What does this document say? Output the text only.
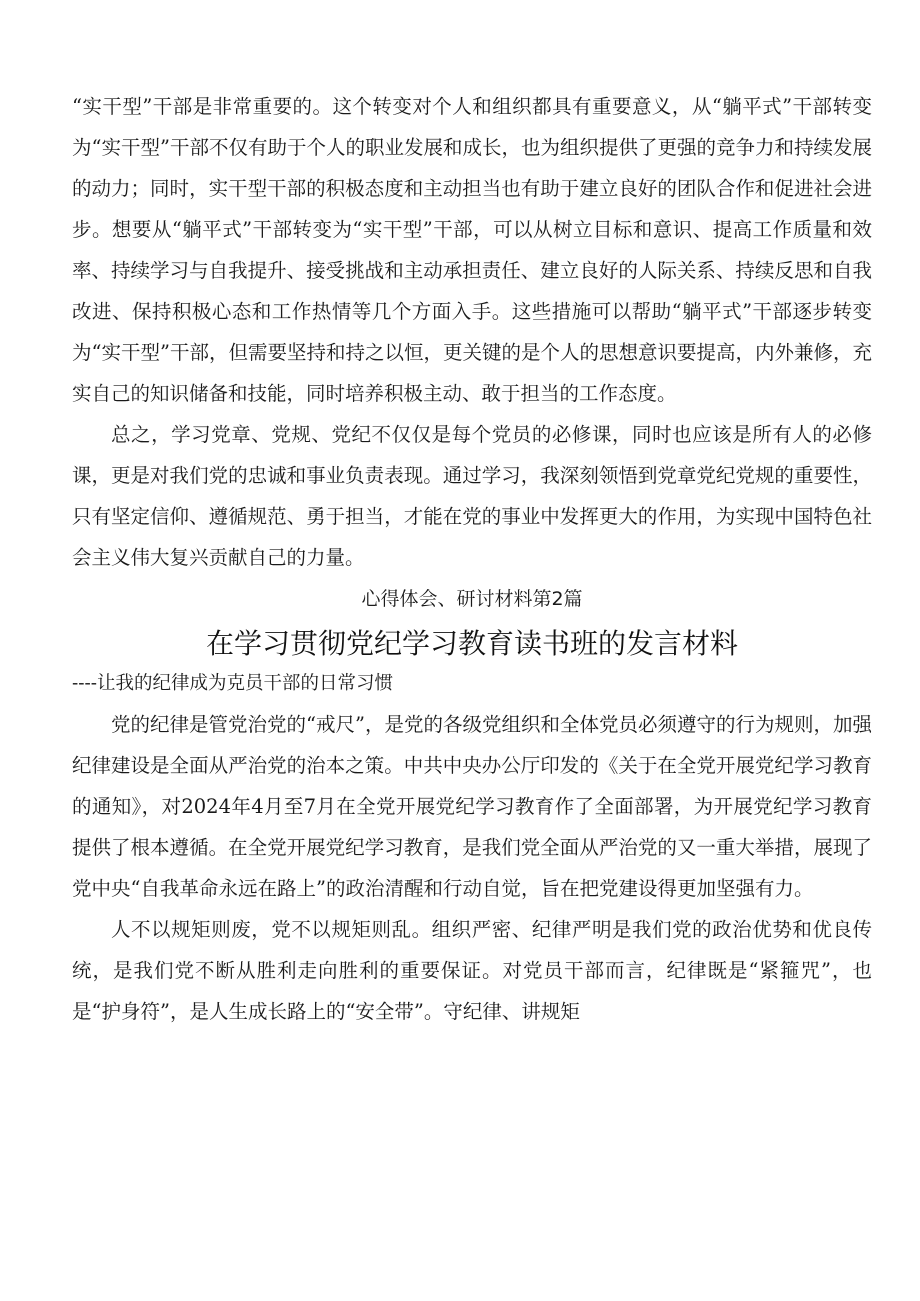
“实干型”干部是非常重要的。这个转变对个人和组织都具有重要意义，从“躺平式”干部转变为“实干型”干部不仅有助于个人的职业发展和成长，也为组织提供了更强的竞争力和持续发展的动力；同时，实干型干部的积极态度和主动担当也有助于建立良好的团队合作和促进社会进步。想要从“躺平式”干部转变为“实干型”干部，可以从树立目标和意识、提高工作质量和效率、持续学习与自我提升、接受挑战和主动承担责任、建立良好的人际关系、持续反思和自我改进、保持积极心态和工作热情等几个方面入手。这些措施可以帮助“躺平式”干部逐步转变为“实干型”干部，但需要坚持和持之以恒，更关键的是个人的思想意识要提高，内外兼修，充实自己的知识储备和技能，同时培养积极主动、敢于担当的工作态度。

总之，学习党章、党规、党纪不仅仅是每个党员的必修课，同时也应该是所有人的必修课，更是对我们党的忠诚和事业负责表现。通过学习，我深刻领悟到党章党纪党规的重要性，只有坚定信仰、遵循规范、勇于担当，才能在党的事业中发挥更大的作用，为实现中国特色社会主义伟大复兴贡献自己的力量。

心得体会、研讨材料第2篇
在学习贯彻党纪学习教育读书班的发言材料
----让我的纪律成为克员干部的日常习惯

党的纪律是管党治党的“戒尺”，是党的各级党组织和全体党员必须遵守的行为规则，加强纪律建设是全面从严治党的治本之策。中共中央办公厅印发的《关于在全党开展党纪学习教育的通知》，对2024年4月至7月在全党开展党纪学习教育作了全面部署，为开展党纪学习教育提供了根本遵循。在全党开展党纪学习教育，是我们党全面从严治党的又一重大举措，展现了党中央“自我革命永远在路上”的政治清醒和行动自觉，旨在把党建设得更加坚强有力。

人不以规矩则废，党不以规矩则乱。组织严密、纪律严明是我们党的政治优势和优良传统，是我们党不断从胜利走向胜利的重要保证。对党员干部而言，纪律既是“紧箍咒”，也是“护身符”，是人生成长路上的“安全带”。守纪律、讲规矩
